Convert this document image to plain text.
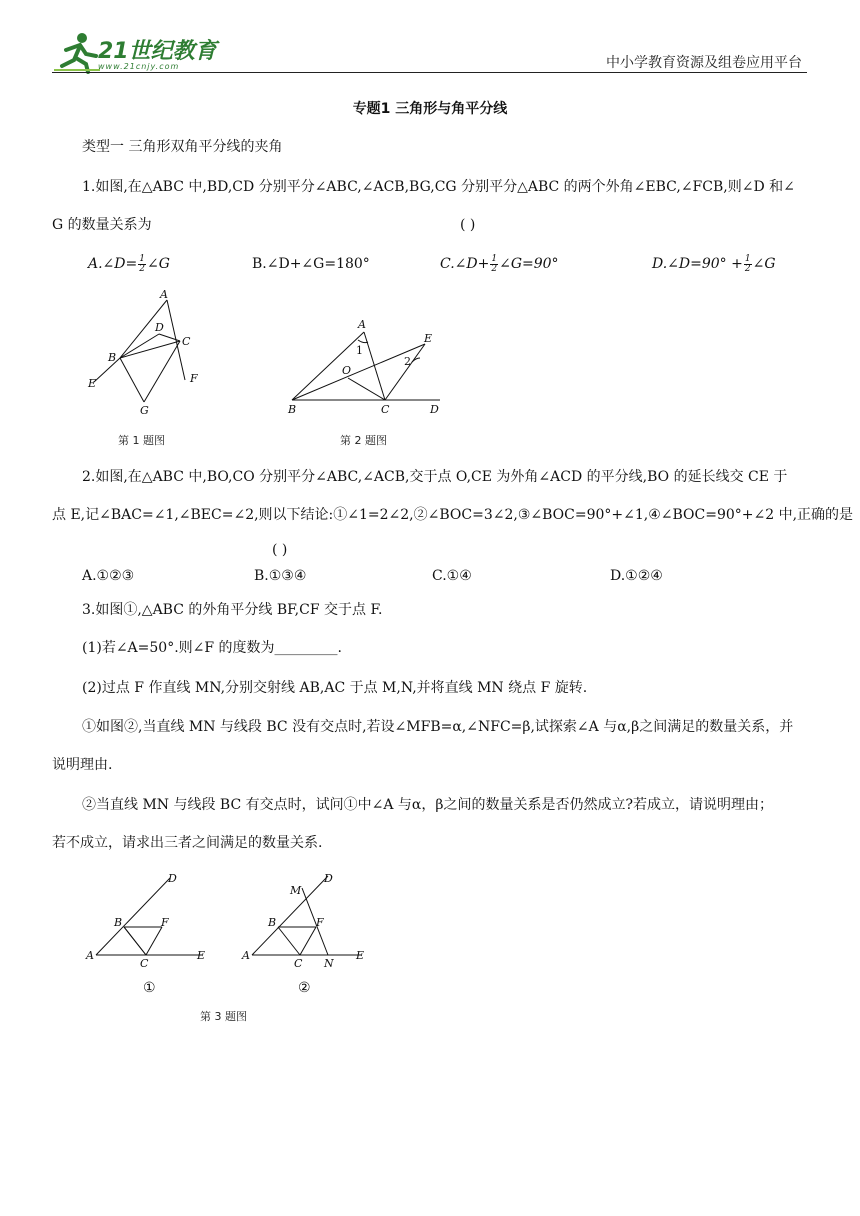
21世纪教育
www.21cnjy.com	中小学教育资源及组卷应用平台
专题1 三角形与角平分线
类型一 三角形双角平分线的夹角
1.如图,在△ABC 中,BD,CD 分别平分∠ABC,∠ACB,BG,CG 分别平分△ABC 的两个外角∠EBC,∠FCB,则∠D 和∠
G 的数量关系为	( )
A.∠D= $\frac{1}{2}$ ∠G	B.∠D+∠G=180°	C.∠D+ $\frac{1}{2}$ ∠G=90°	D.∠D=90° + $\frac{1}{2}$ ∠G
A
D
C
B
F
E
G
第 1 题图
A
1
E
2
O
B	C	D
第 2 题图
2.如图,在△ABC 中,BO,CO 分别平分∠ABC,∠ACB,交于点 O,CE 为外角∠ACD 的平分线,BO 的延长线交 CE 于
点 E,记∠BAC=∠1,∠BEC=∠2,则以下结论:①∠1=2∠2,②∠BOC=3∠2,③∠BOC=90°+∠1,④∠BOC=90°+∠2 中,正确的是
( )
A.①②③	B.①③④	C.①④	D.①②④
3.如图①,△ABC 的外角平分线 BF,CF 交于点 F.
(1)若∠A=50°.则∠F 的度数为_________.
(2)过点 F 作直线 MN,分别交射线 AB,AC 于点 M,N,并将直线 MN 绕点 F 旋转.
①如图②,当直线 MN 与线段 BC 没有交点时,若设∠MFB=α,∠NFC=β,试探索∠A 与α,β之间满足的数量关系，并
说明理由.
②当直线 MN 与线段 BC 有交点时，试问①中∠A 与α，β之间的数量关系是否仍然成立?若成立，请说明理由；
若不成立，请求出三者之间满足的数量关系.
D
B	F
A
C
E
M
D
B	F
A
C N
E
①	②
第 3 题图
